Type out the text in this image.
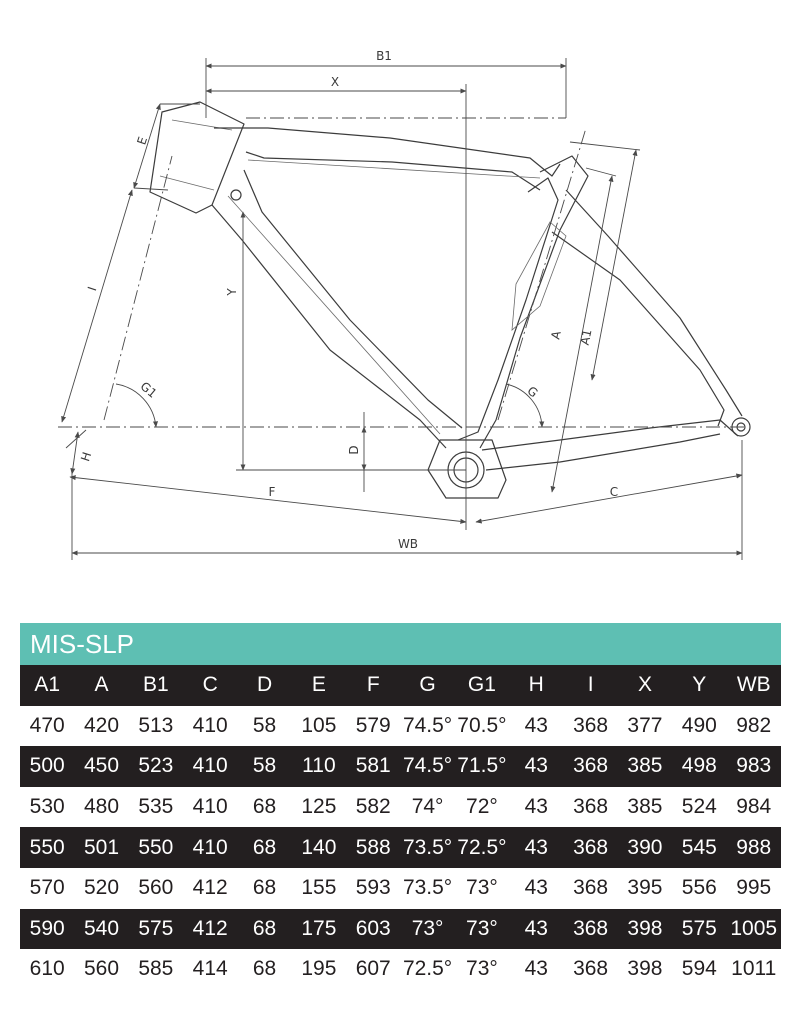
B1
X
E
I	Y
G1	G
A A1
D
H
F	C
WB
MIS-SLP
A1	A	B1	C	D	E	F	G	G1	H	I	X	Y	WB
470	420	513	410	58	105	579	74.5°	70.5°	43	368	377	490	982
500	450	523	410	58	110	581	74.5°	71.5°	43	368	385	498	983
530	480	535	410	68	125	582	74°	72°	43	368	385	524	984
550	501	550	410	68	140	588	73.5°	72.5°	43	368	390	545	988
570	520	560	412	68	155	593	73.5°	73°	43	368	395	556	995
590	540	575	412	68	175	603	73°	73°	43	368	398	575	1005
610	560	585	414	68	195	607	72.5°	73°	43	368	398	594	1011
